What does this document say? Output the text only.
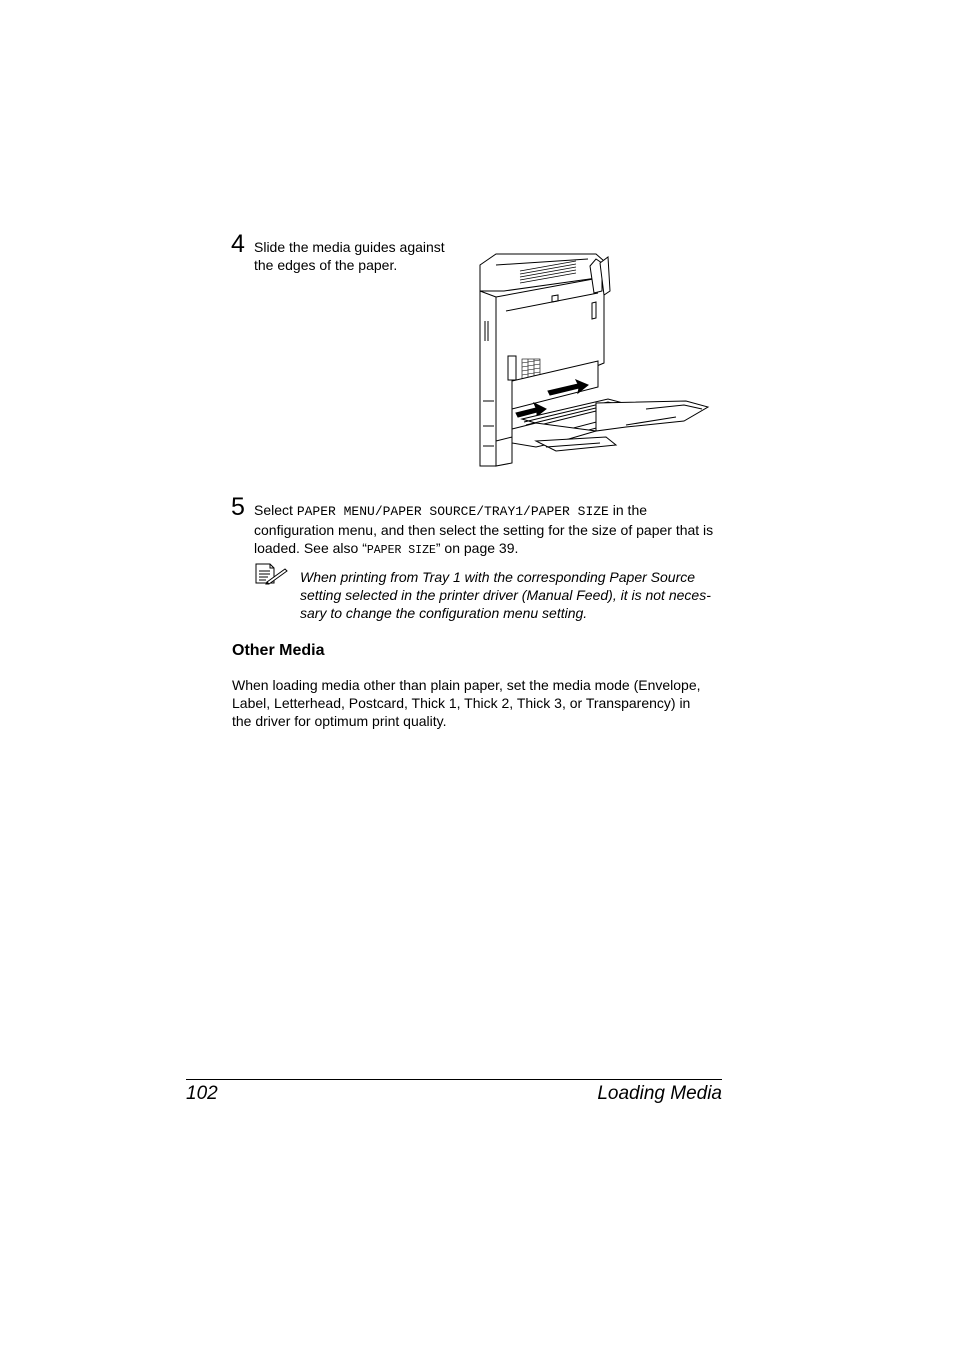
4 Slide the media guides against
the edges of the paper.
5 Select PAPER MENU/PAPER SOURCE/TRAY1/PAPER SIZE in the
configuration menu, and then select the setting for the size of paper that is
loaded. See also “PAPER SIZE” on page 39.
When printing from Tray 1 with the corresponding Paper Source
setting selected in the printer driver (Manual Feed), it is not neces-
sary to change the configuration menu setting.
Other Media
When loading media other than plain paper, set the media mode (Envelope,
Label, Letterhead, Postcard, Thick 1, Thick 2, Thick 3, or Transparency) in
the driver for optimum print quality.
102	Loading Media
